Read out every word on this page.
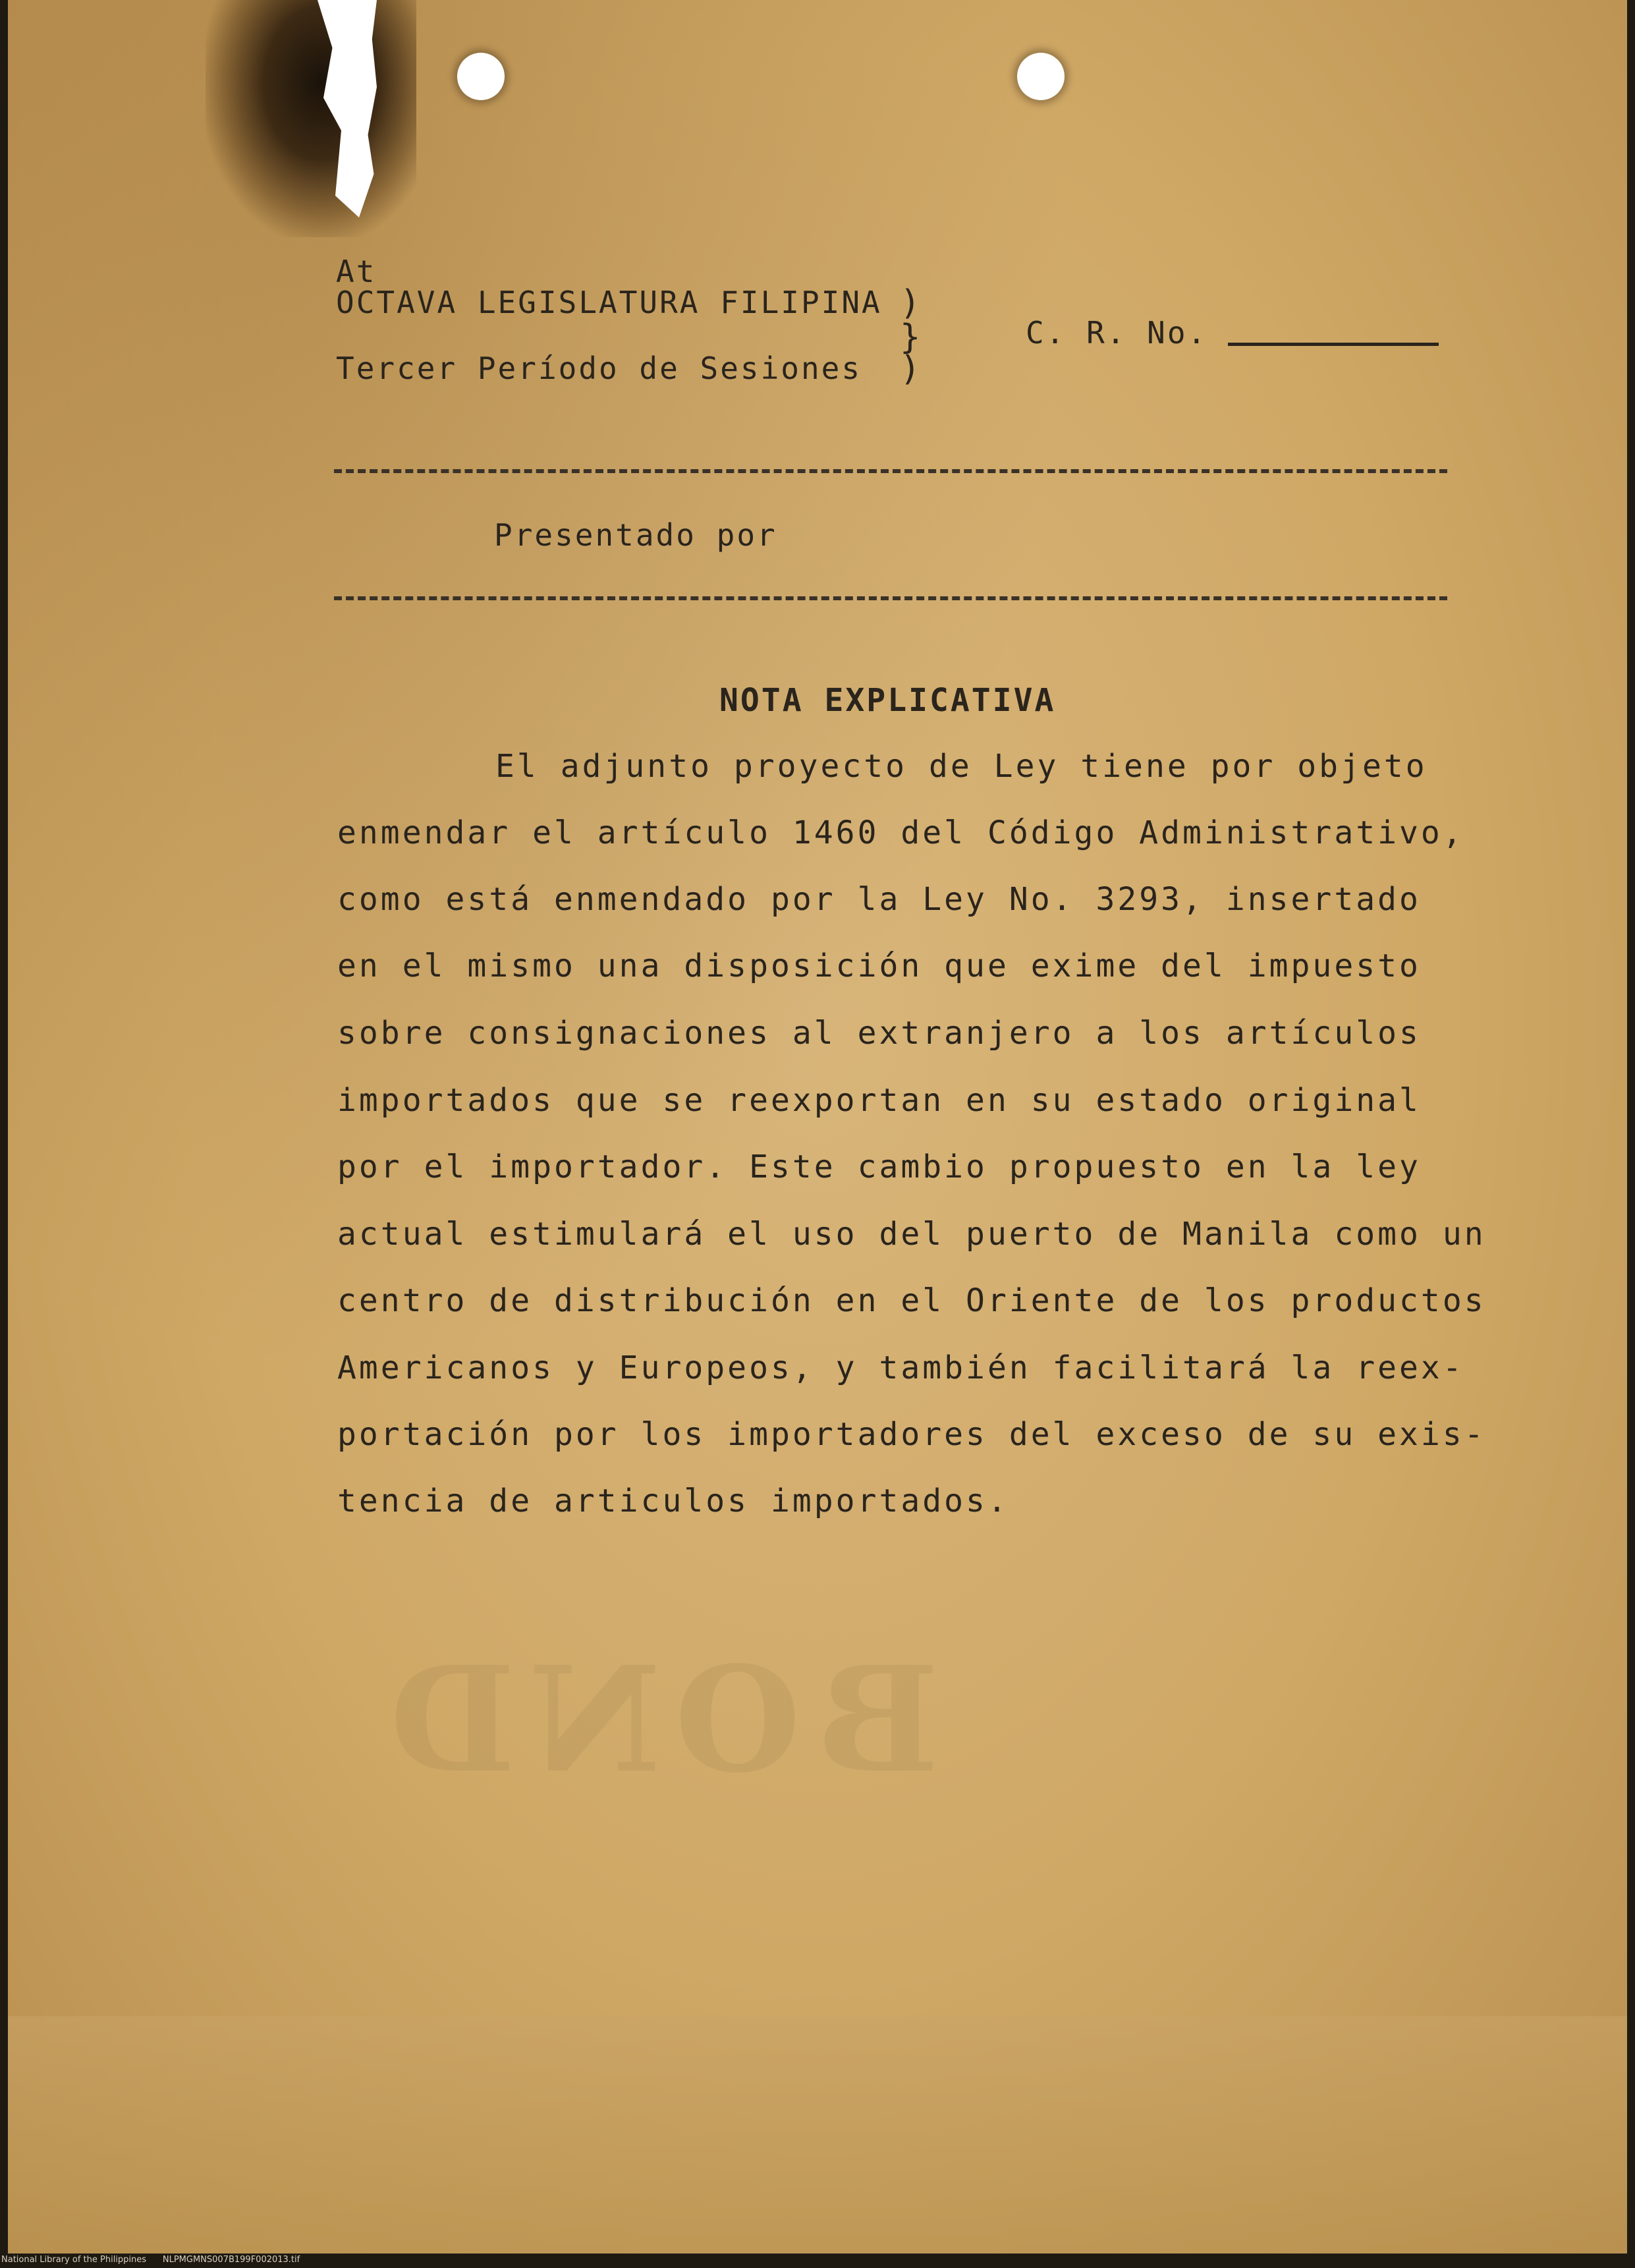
BOND
At
OCTAVA LEGISLATURA FILIPINA
Tercer Período de Sesiones
)
}
)
C. R. No.
Presentado por
NOTA EXPLICATIVA
El adjunto proyecto de Ley tiene por objeto
enmendar el artículo 1460 del Código Administrativo,
como está enmendado por la Ley No. 3293, insertado
en el mismo una disposición que exime del impuesto
sobre consignaciones al extranjero a los artículos
importados que se reexportan en su estado original
por el importador. Este cambio propuesto en la ley
actual estimulará el uso del puerto de Manila como un
centro de distribución en el Oriente de los productos
Americanos y Europeos, y también facilitará la reex-
portación por los importadores del exceso de su exis-
tencia de articulos importados.
National Library of the Philippines NLPMGMNS007B199F002013.tif
